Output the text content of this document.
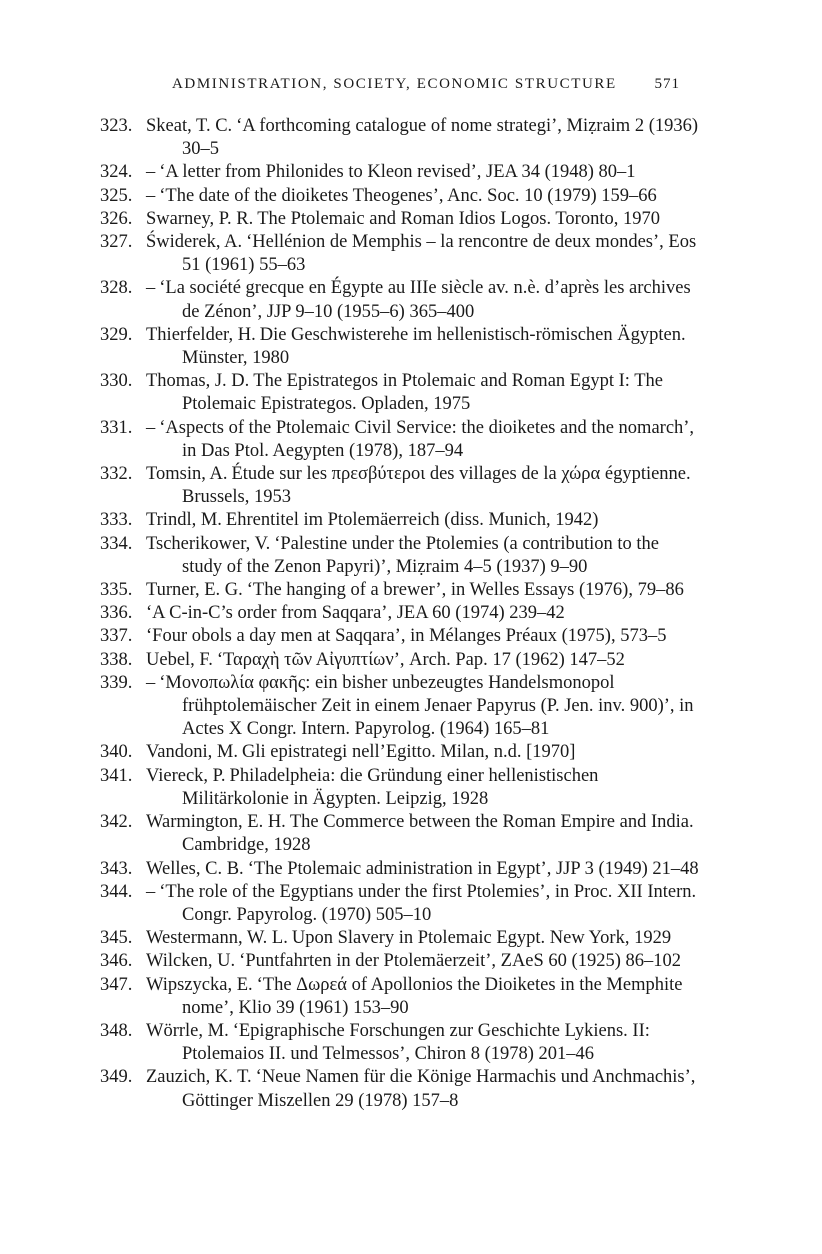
ADMINISTRATION, SOCIETY, ECONOMIC STRUCTURE	571
323. Skeat, T. C. ‘A forthcoming catalogue of nome strategi’, Miẓraim 2 (1936) 30–5
324. – ‘A letter from Philonides to Kleon revised’, JEA 34 (1948) 80–1
325. – ‘The date of the dioiketes Theogenes’, Anc. Soc. 10 (1979) 159–66
326. Swarney, P. R. The Ptolemaic and Roman Idios Logos. Toronto, 1970
327. Świderek, A. ‘Hellénion de Memphis – la rencontre de deux mondes’, Eos 51 (1961) 55–63
328. – ‘La société grecque en Égypte au IIIe siècle av. n.è. d’après les archives de Zénon’, JJP 9–10 (1955–6) 365–400
329. Thierfelder, H. Die Geschwisterehe im hellenistisch-römischen Ägypten. Münster, 1980
330. Thomas, J. D. The Epistrategos in Ptolemaic and Roman Egypt I: The Ptolemaic Epistrategos. Opladen, 1975
331. – ‘Aspects of the Ptolemaic Civil Service: the dioiketes and the nomarch’, in Das Ptol. Aegypten (1978), 187–94
332. Tomsin, A. Étude sur les πρεσβύτεροι des villages de la χώρα égyptienne. Brussels, 1953
333. Trindl, M. Ehrentitel im Ptolemäerreich (diss. Munich, 1942)
334. Tscherikower, V. ‘Palestine under the Ptolemies (a contribution to the study of the Zenon Papyri)’, Miẓraim 4–5 (1937) 9–90
335. Turner, E. G. ‘The hanging of a brewer’, in Welles Essays (1976), 79–86
336. ‘A C-in-C’s order from Saqqara’, JEA 60 (1974) 239–42
337. ‘Four obols a day men at Saqqara’, in Mélanges Préaux (1975), 573–5
338. Uebel, F. ‘Ταραχὴ τῶν Αἰγυπτίων’, Arch. Pap. 17 (1962) 147–52
339. – ‘Μονοπωλία φακῆς: ein bisher unbezeugtes Handelsmonopol frühptolemäischer Zeit in einem Jenaer Papyrus (P. Jen. inv. 900)’, in Actes X Congr. Intern. Papyrolog. (1964) 165–81
340. Vandoni, M. Gli epistrategi nell’Egitto. Milan, n.d. [1970]
341. Viereck, P. Philadelpheia: die Gründung einer hellenistischen Militärkolonie in Ägypten. Leipzig, 1928
342. Warmington, E. H. The Commerce between the Roman Empire and India. Cambridge, 1928
343. Welles, C. B. ‘The Ptolemaic administration in Egypt’, JJP 3 (1949) 21–48
344. – ‘The role of the Egyptians under the first Ptolemies’, in Proc. XII Intern. Congr. Papyrolog. (1970) 505–10
345. Westermann, W. L. Upon Slavery in Ptolemaic Egypt. New York, 1929
346. Wilcken, U. ‘Puntfahrten in der Ptolemäerzeit’, ZAeS 60 (1925) 86–102
347. Wipszycka, E. ‘The Δωρεά of Apollonios the Dioiketes in the Memphite nome’, Klio 39 (1961) 153–90
348. Wörrle, M. ‘Epigraphische Forschungen zur Geschichte Lykiens. II: Ptolemaios II. und Telmessos’, Chiron 8 (1978) 201–46
349. Zauzich, K. T. ‘Neue Namen für die Könige Harmachis und Anchmachis’, Göttinger Miszellen 29 (1978) 157–8
